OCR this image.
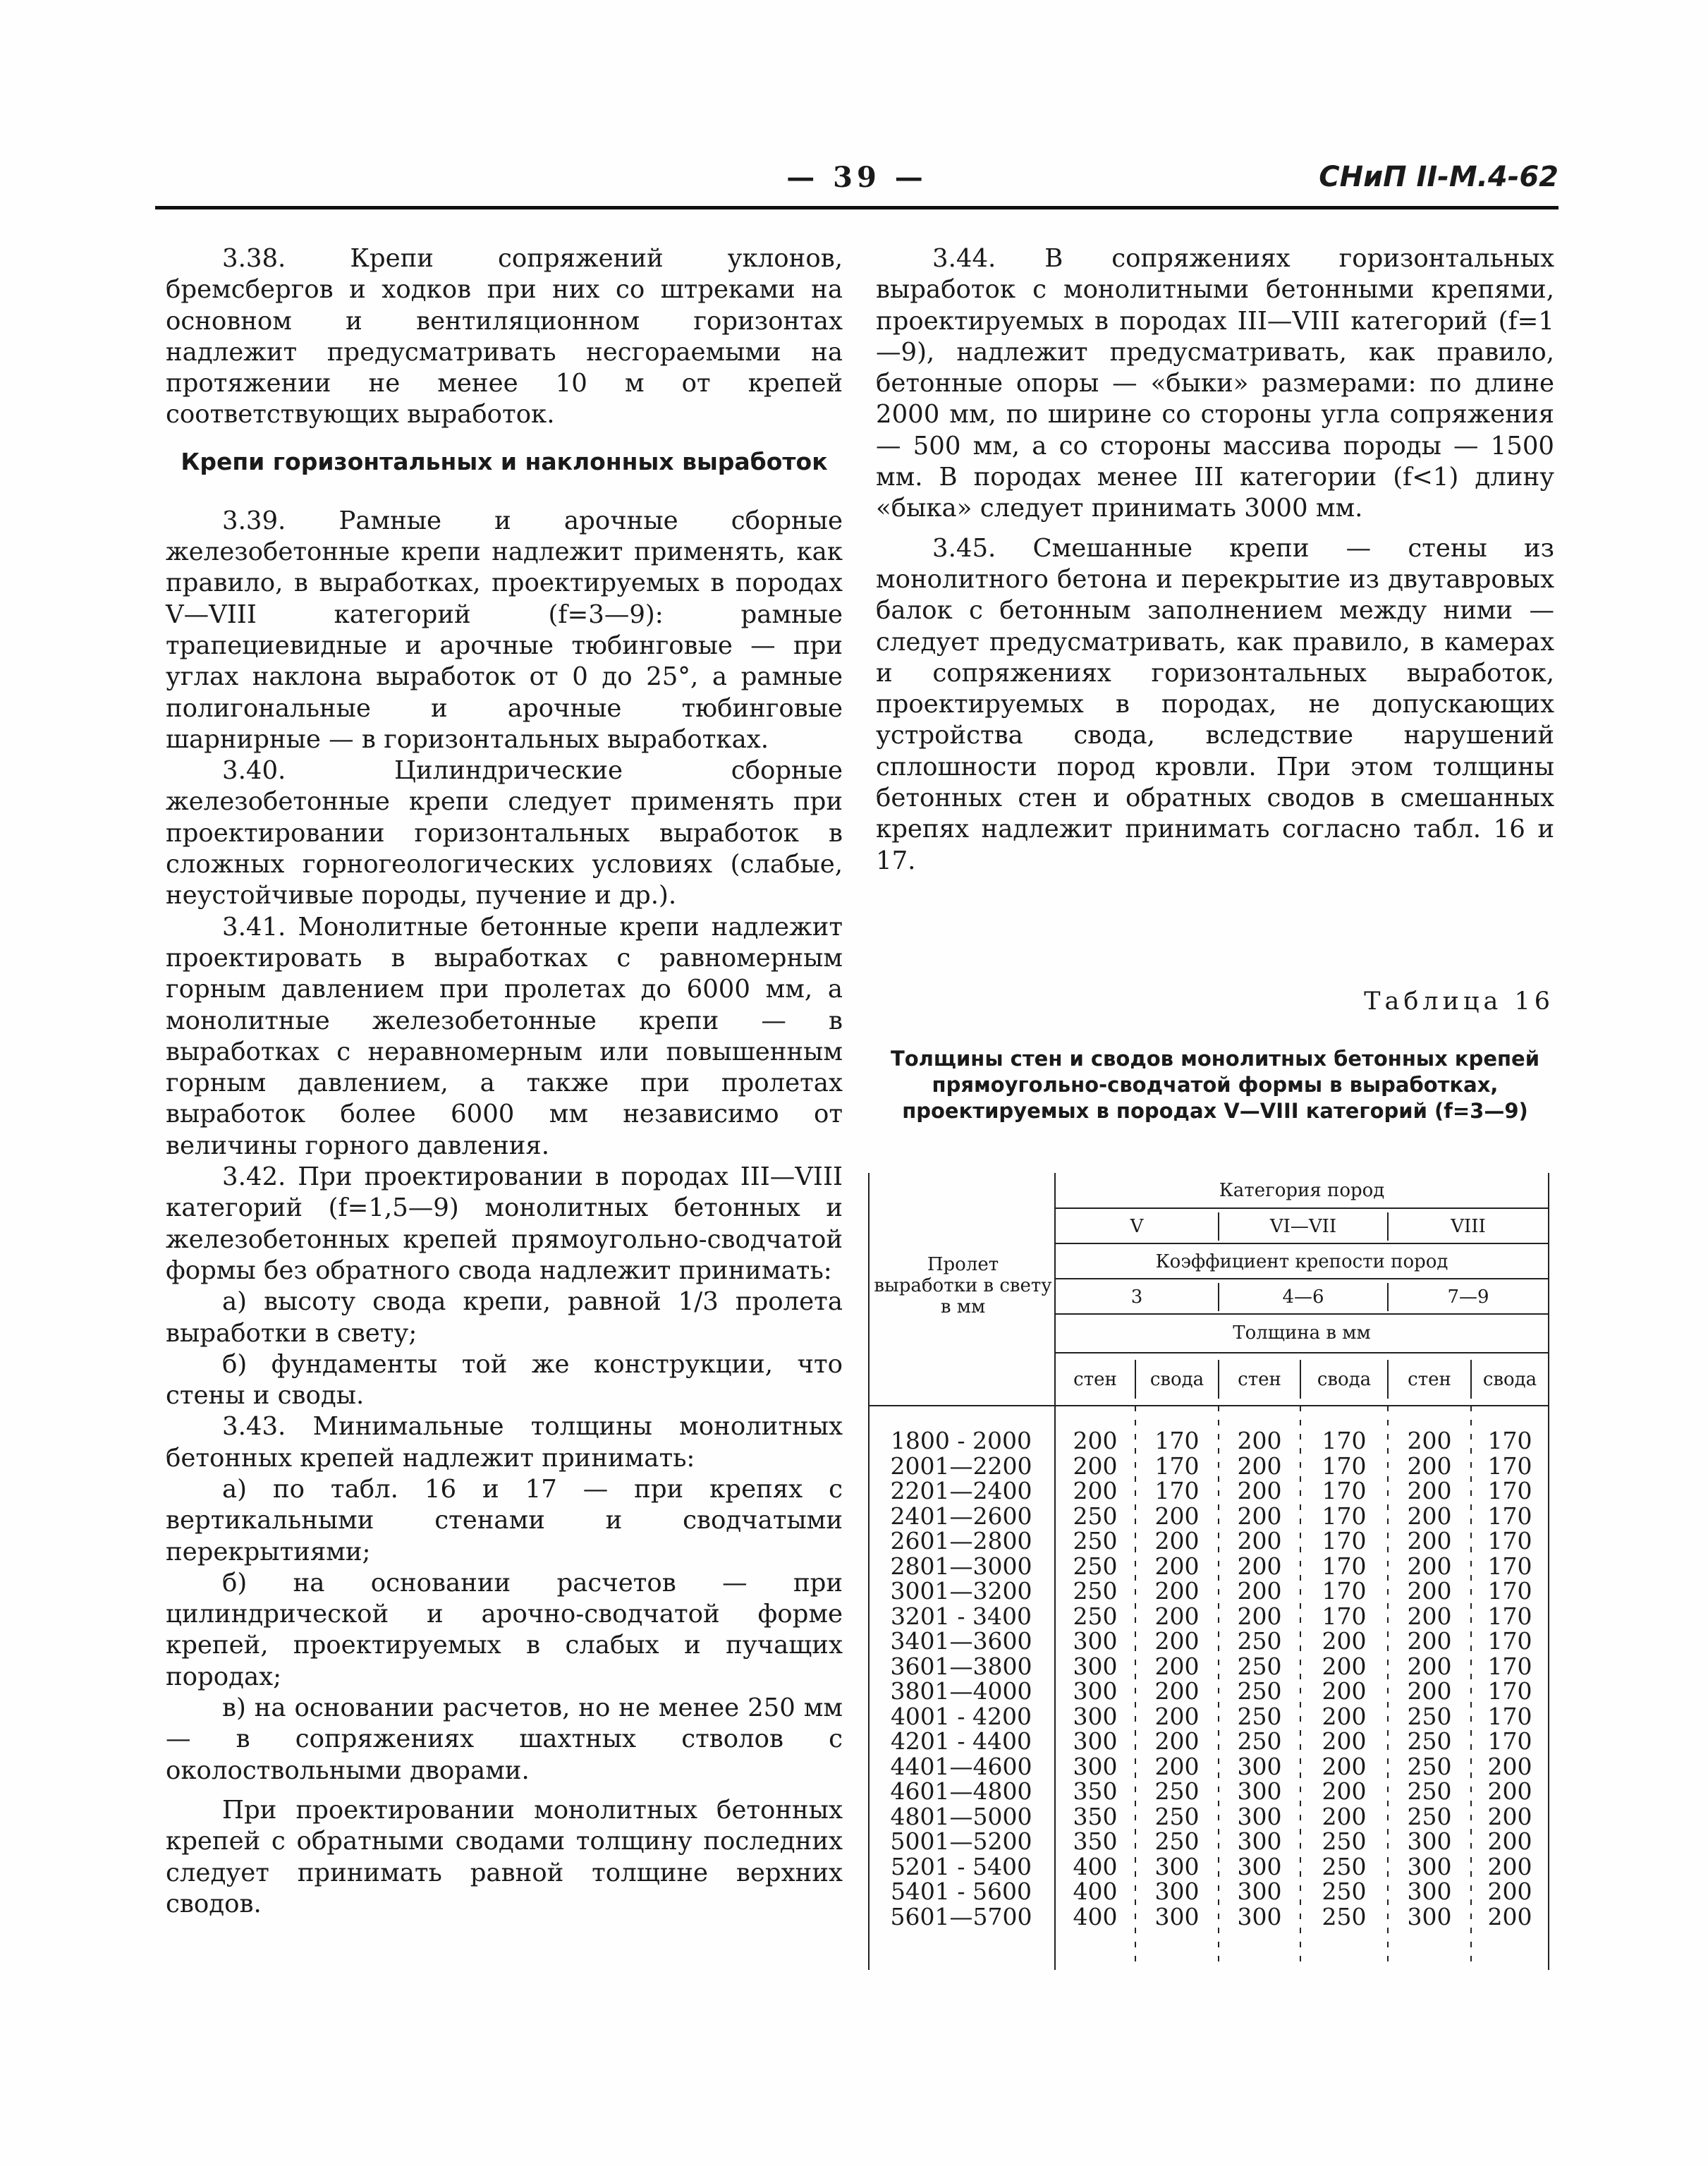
— 39 —	СНиП II-М.4-62

3.38.	Крепи сопряжений уклонов, бремсбергов и ходков при них со штреками на основном и вентиляционном горизонтах надлежит предусматривать несгораемыми на протяжении не менее 10 м от крепей соответствующих выработок.

Крепи горизонтальных и наклонных выработок

3.39. Рамные и арочные сборные железобетонные крепи надлежит применять, как правило, в выработках, проектируемых в породах V—VIII категорий (f=3—9): рамные трапециевидные и арочные тюбинговые — при углах наклона выработок от 0 до 25°, а рамные полигональные и арочные тюбинговые шарнирные — в горизонтальных выработках.

3.40.	Цилиндрические сборные железобетонные крепи следует применять при проектировании горизонтальных выработок в сложных горногеологических условиях (слабые, неустойчивые породы, пучение и др.).

3.41. Монолитные бетонные крепи надлежит проектировать в выработках с равномерным горным давлением при пролетах до 6000 мм, а монолитные железобетонные крепи — в выработках с неравномерным или повышенным горным давлением, а также при пролетах выработок более 6000 мм независимо от величины горного давления.

3.42. При проектировании в породах III—VIII категорий (f=1,5—9) монолитных бетонных и железобетонных крепей прямоугольно-сводчатой формы без обратного свода надлежит принимать:

а) высоту свода крепи, равной 1/3 пролета выработки в свету;

б) фундаменты той же конструкции, что стены и своды.

3.43. Минимальные толщины монолитных бетонных крепей надлежит принимать:

а) по табл. 16 и 17 — при крепях с вертикальными стенами и сводчатыми перекрытиями;

б) на основании расчетов — при цилиндрической и арочно-сводчатой форме крепей, проектируемых в слабых и пучащих породах;

в) на основании расчетов, но не менее 250 мм — в сопряжениях шахтных стволов с околоствольными дворами.

При проектировании монолитных бетонных крепей с обратными сводами толщину последних следует принимать равной толщине верхних сводов.

3.44. В сопряжениях горизонтальных выработок с монолитными бетонными крепями, проектируемых в породах III—VIII категорий (f=1—9), надлежит предусматривать, как правило, бетонные опоры — «быки» размерами: по длине 2000 мм, по ширине со стороны угла сопряжения — 500 мм, а со стороны массива породы — 1500 мм. В породах менее III категории (f<1) длину «быка» следует принимать 3000 мм.

3.45. Смешанные крепи — стены из монолитного бетона и перекрытие из двутавровых балок с бетонным заполнением между ними — следует предусматривать, как правило, в камерах и сопряжениях горизонтальных выработок, проектируемых в породах, не допускающих устройства свода, вследствие нарушений сплошности пород кровли. При этом толщины бетонных стен и обратных сводов в смешанных крепях надлежит принимать согласно табл. 16 и 17.

Таблица 16
Толщины стен и сводов монолитных бетонных крепей прямоугольно-сводчатой формы в выработках, проектируемых в породах V—VIII категорий (f=3—9)
Пролет выработки в свету в мм
Категория пород
V	VI—VII	VIII
Коэффициент крепости пород
3	4—6	7—9
Толщина в мм
стен	свода	стен	свода	стен	свода
1800 - 2000	200	170	200	170	200	170
2001—2200	200	170	200	170	200	170
2201—2400	200	170	200	170	200	170
2401—2600	250	200	200	170	200	170
2601—2800	250	200	200	170	200	170
2801—3000	250	200	200	170	200	170
3001—3200	250	200	200	170	200	170
3201 - 3400	250	200	200	170	200	170
3401—3600	300	200	250	200	200	170
3601—3800	300	200	250	200	200	170
3801—4000	300	200	250	200	200	170
4001 - 4200	300	200	250	200	250	170
4201 - 4400	300	200	250	200	250	170
4401—4600	300	200	300	200	250	200
4601—4800	350	250	300	200	250	200
4801—5000	350	250	300	200	250	200
5001—5200	350	250	300	250	300	200
5201 - 5400	400	300	300	250	300	200
5401 - 5600	400	300	300	250	300	200
5601—5700	400	300	300	250	300	200
